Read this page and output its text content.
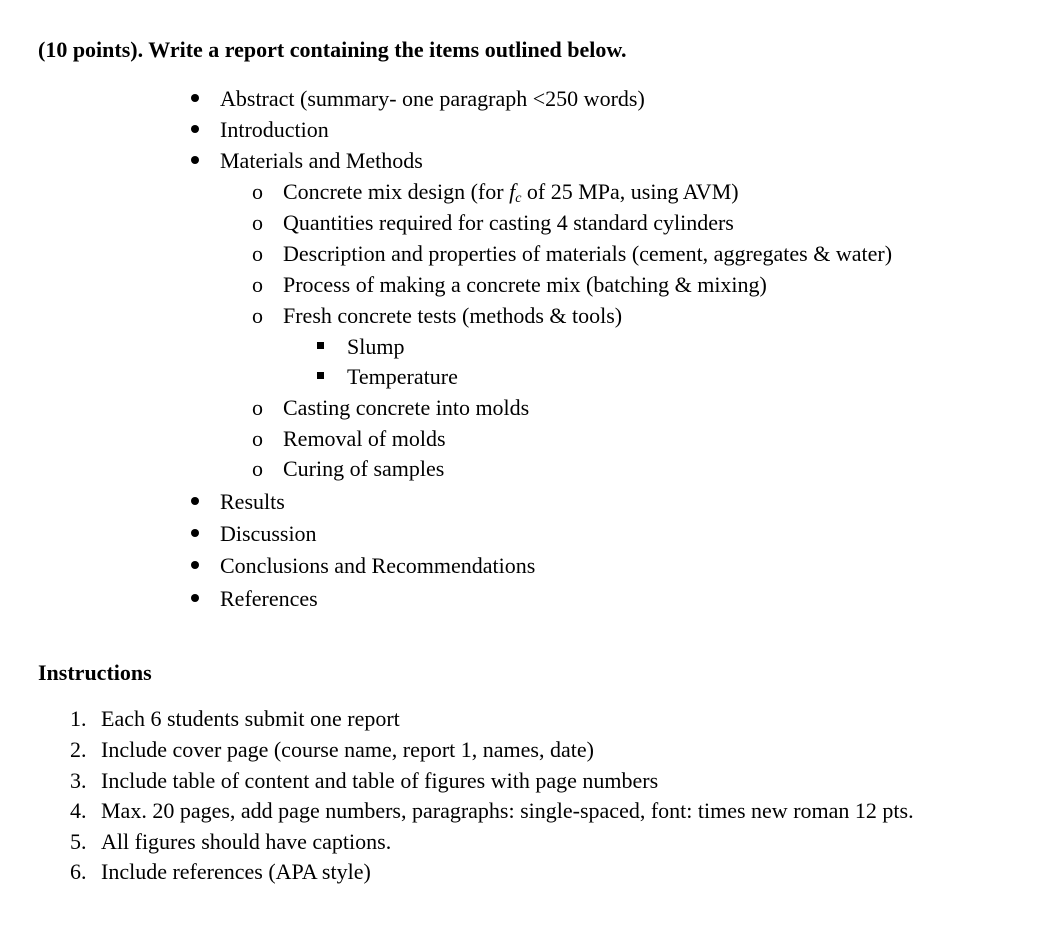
(10 points). Write a report containing the items outlined below.
Abstract (summary- one paragraph <250 words)
Introduction
Materials and Methods
o Concrete mix design (for fc of 25 MPa, using AVM)
o Quantities required for casting 4 standard cylinders
o Description and properties of materials (cement, aggregates & water)
o Process of making a concrete mix (batching & mixing)
o Fresh concrete tests (methods & tools)
Slump
Temperature
o Casting concrete into molds
o Removal of molds
o Curing of samples
Results
Discussion
Conclusions and Recommendations
References
Instructions
1. Each 6 students submit one report
2. Include cover page (course name, report 1, names, date)
3. Include table of content and table of figures with page numbers
4. Max. 20 pages, add page numbers, paragraphs: single-spaced, font: times new roman 12 pts.
5. All figures should have captions.
6. Include references (APA style)
